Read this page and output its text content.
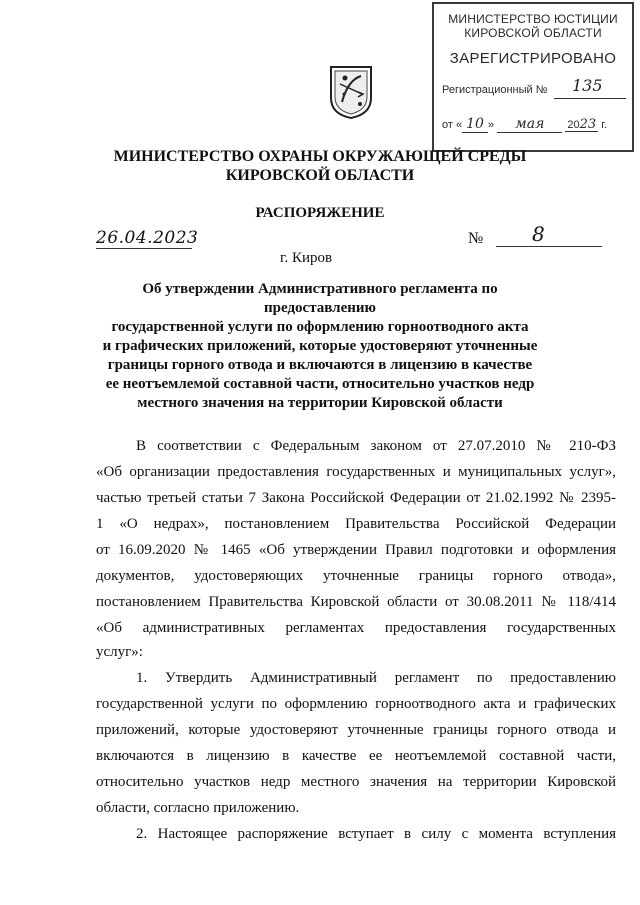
МИНИСТЕРСТВО ЮСТИЦИИ
КИРОВСКОЙ ОБЛАСТИ
ЗАРЕГИСТРИРОВАНО
Регистрационный № 135
от « 10 » мая 2023 г.
МИНИСТЕРСТВО ОХРАНЫ ОКРУЖАЮЩЕЙ СРЕДЫ
КИРОВСКОЙ ОБЛАСТИ
РАСПОРЯЖЕНИЕ
26.04.2023	№ 8
г. Киров
Об утверждении Административного регламента по предоставлению
государственной услуги по оформлению горноотводного акта
и графических приложений, которые удостоверяют уточненные
границы горного отвода и включаются в лицензию в качестве
ее неотъемлемой составной части, относительно участков недр
местного значения на территории Кировской области
В соответствии с Федеральным законом от 27.07.2010 № 210-ФЗ
«Об организации предоставления государственных и муниципальных услуг»,
частью третьей статьи 7 Закона Российской Федерации от 21.02.1992 № 2395-
1 «О недрах», постановлением Правительства Российской Федерации
от 16.09.2020 № 1465 «Об утверждении Правил подготовки и оформления
документов, удостоверяющих уточненные границы горного отвода»,
постановлением Правительства Кировской области от 30.08.2011 № 118/414
«Об административных регламентах предоставления государственных
услуг»:
1. Утвердить Административный регламент по предоставлению
государственной услуги по оформлению горноотводного акта и графических
приложений, которые удостоверяют уточненные границы горного отвода и
включаются в лицензию в качестве ее неотъемлемой составной части,
относительно участков недр местного значения на территории Кировской
области, согласно приложению.
2. Настоящее распоряжение вступает в силу с момента вступления
